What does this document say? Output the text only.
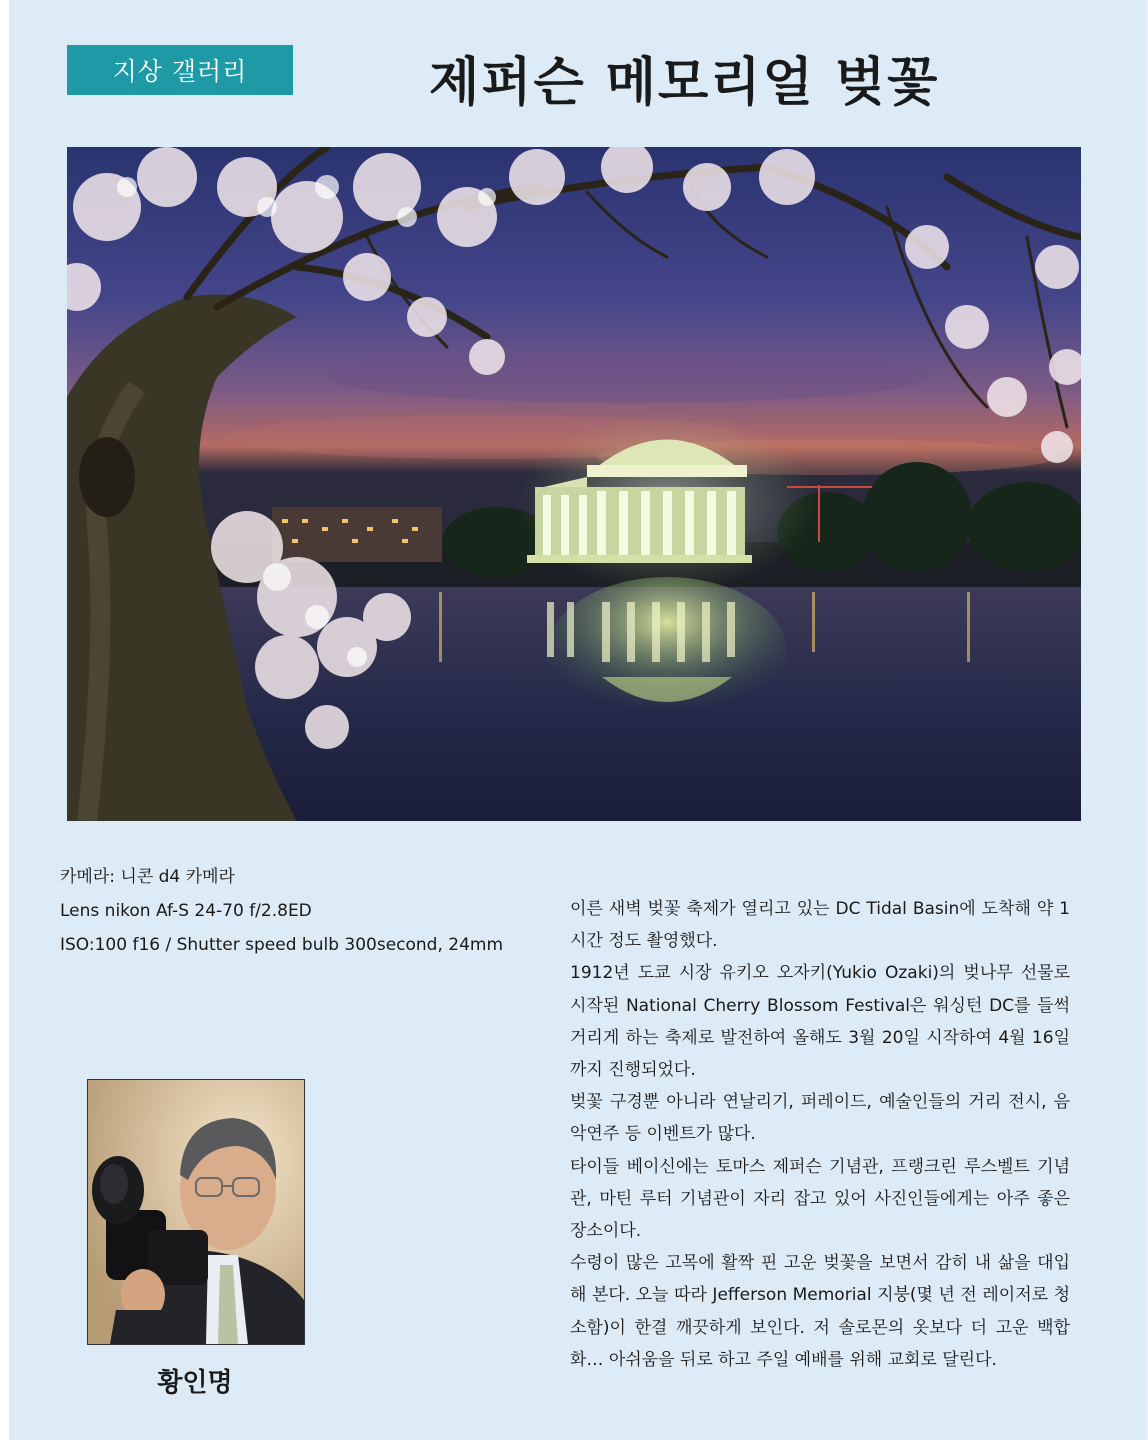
지상 갤러리	제퍼슨 메모리얼 벚꽃
카메라: 니콘 d4 카메라
Lens nikon Af-S 24-70 f/2.8ED
ISO:100 f16 / Shutter speed bulb 300second, 24mm
황인명

이른 새벽 벚꽃 축제가 열리고 있는 DC Tidal Basin에 도착해 약 1시간 정도 촬영했다.

1912년 도쿄 시장 유키오 오자키(Yukio Ozaki)의 벚나무 선물로 시작된 National Cherry Blossom Festival은 워싱턴 DC를 들썩거리게 하는 축제로 발전하여 올해도 3월 20일 시작하여 4월 16일까지 진행되었다.

벚꽃 구경뿐 아니라 연날리기, 퍼레이드, 예술인들의 거리 전시, 음악연주 등 이벤트가 많다.

타이들 베이신에는 토마스 제퍼슨 기념관, 프랭크린 루스벨트 기념관, 마틴 루터 기념관이 자리 잡고 있어 사진인들에게는 아주 좋은 장소이다.

수령이 많은 고목에 활짝 핀 고운 벚꽃을 보면서 감히 내 삶을 대입해 본다. 오늘 따라 Jefferson Memorial 지붕(몇 년 전 레이저로 청소함)이 한결 깨끗하게 보인다. 저 솔로몬의 옷보다 더 고운 백합화… 아쉬움을 뒤로 하고 주일 예배를 위해 교회로 달린다.
